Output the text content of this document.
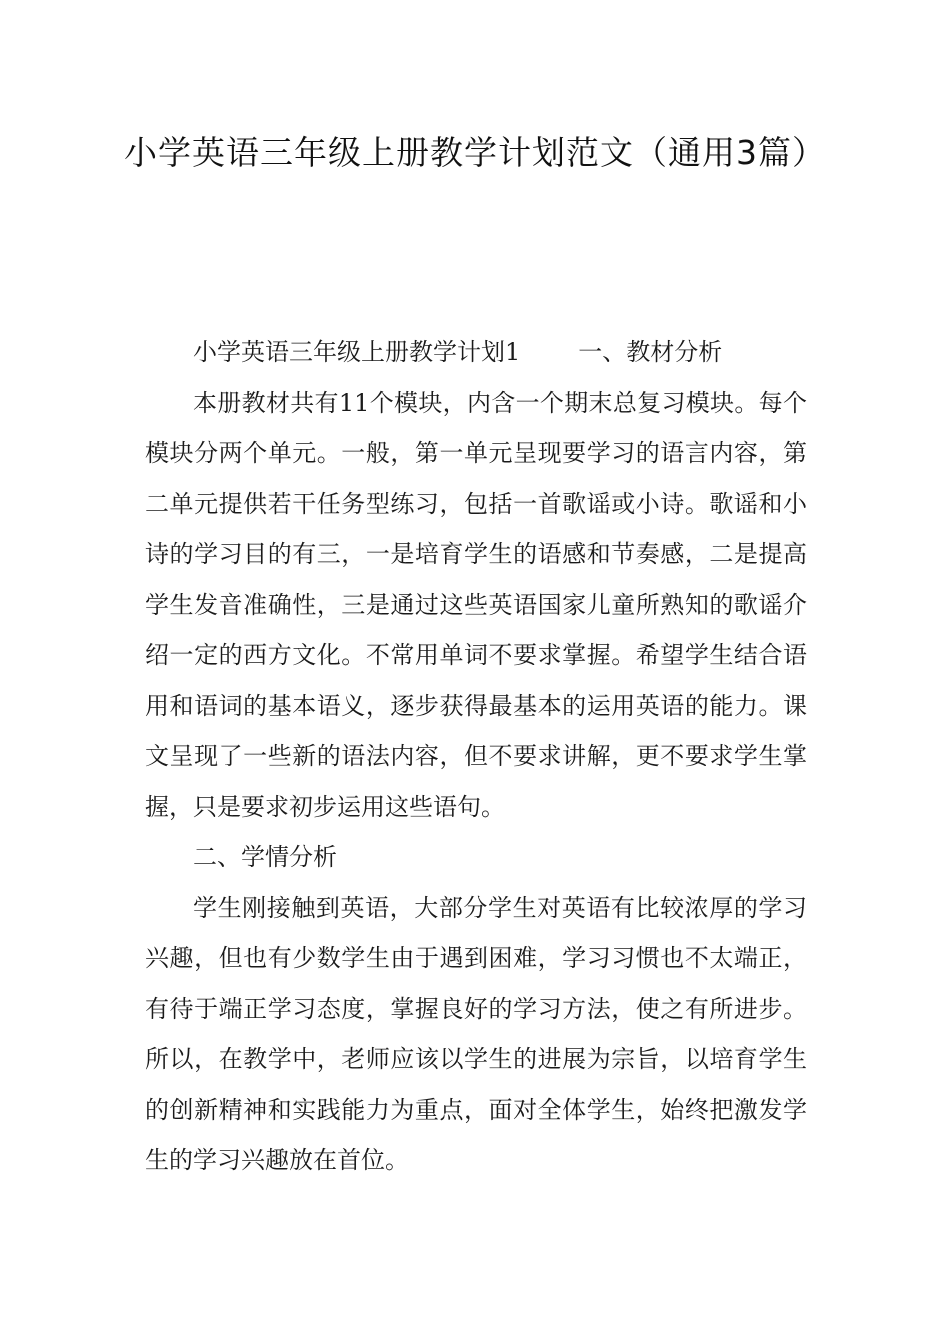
小学英语三年级上册教学计划范文（通用3篇）

小学英语三年级上册教学计划1 一、教材分析

本册教材共有11个模块，内含一个期末总复习模块。每个模块分两个单元。一般，第一单元呈现要学习的语言内容，第二单元提供若干任务型练习，包括一首歌谣或小诗。歌谣和小诗的学习目的有三，一是培育学生的语感和节奏感，二是提高学生发音准确性，三是通过这些英语国家儿童所熟知的歌谣介绍一定的西方文化。不常用单词不要求掌握。希望学生结合语用和语词的基本语义，逐步获得最基本的运用英语的能力。课文呈现了一些新的语法内容，但不要求讲解，更不要求学生掌握，只是要求初步运用这些语句。

二、学情分析

学生刚接触到英语，大部分学生对英语有比较浓厚的学习兴趣，但也有少数学生由于遇到困难，学习习惯也不太端正，有待于端正学习态度，掌握良好的学习方法，使之有所进步。所以，在教学中，老师应该以学生的进展为宗旨，以培育学生的创新精神和实践能力为重点，面对全体学生，始终把激发学生的学习兴趣放在首位。
